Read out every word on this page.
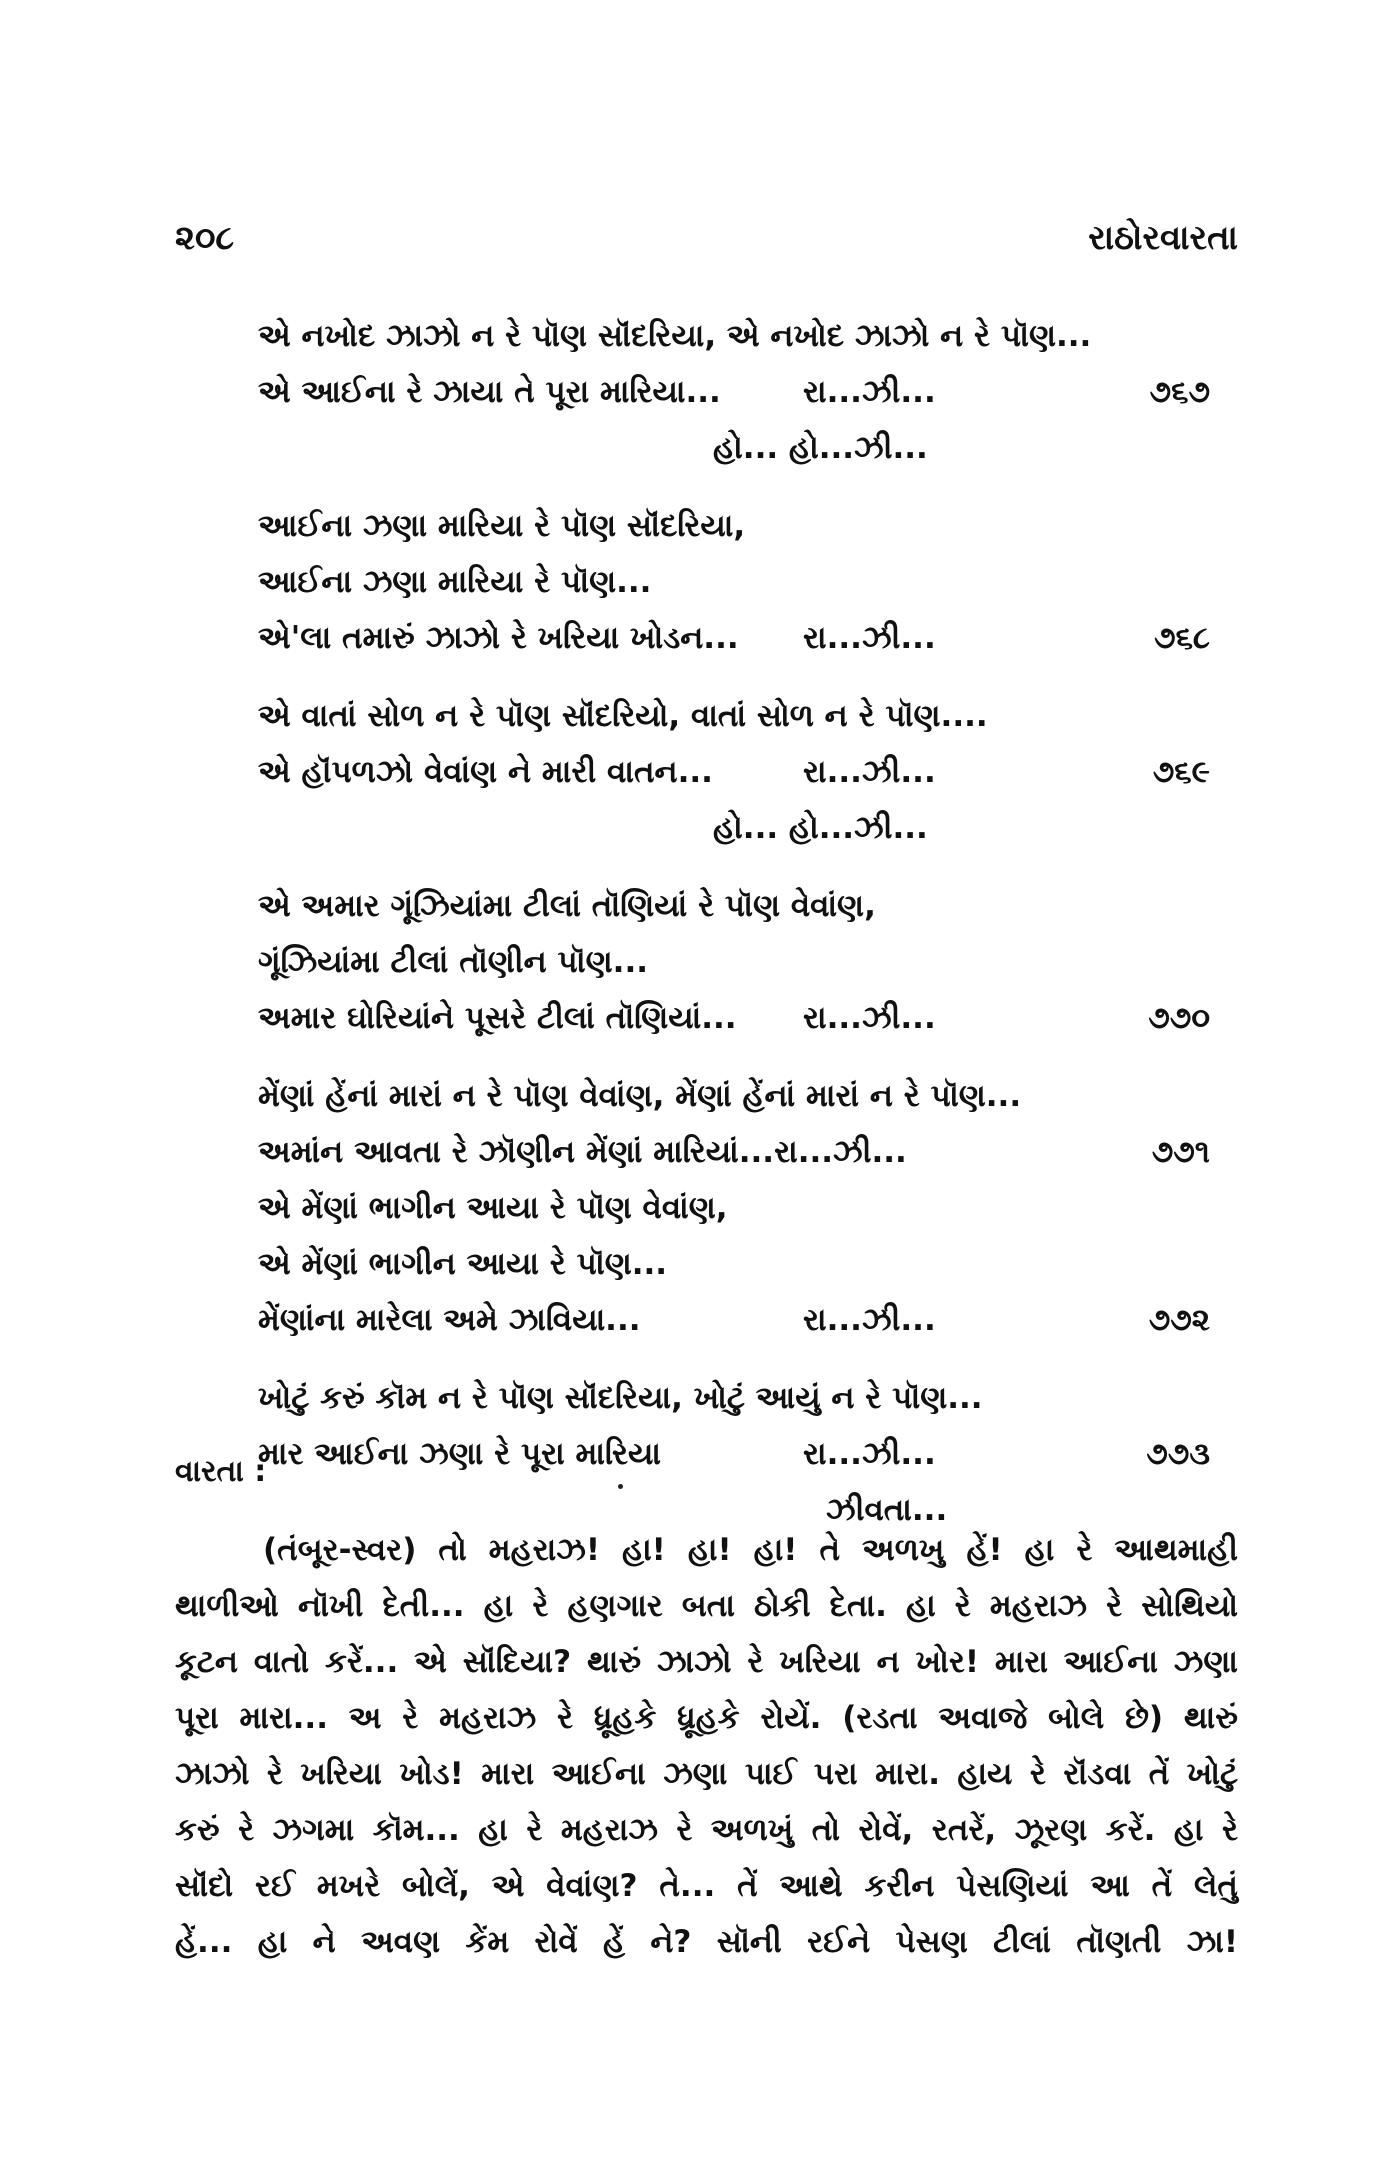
૨૦૮	રાઠોરવારતા
એ નખોદ ઝાઝો ન રે પૉણ સૉંદરિયા, એ નખોદ ઝાઝો ન રે પૉણ...
એ આઈના રે ઝાયા તે પૂરા મારિયા...	રા...ઝી...	૭૬૭
હો... હો...ઝી...
આઈના ઝણા મારિયા રે પૉણ સૉંદરિયા,
આઈના ઝણા મારિયા રે પૉણ...
એ'લા તમારું ઝાઝો રે ખરિયા ખોડન... રા...ઝી...	૭૬૮
એ વાતાં સોળ ન રે પૉણ સૉંદરિયો, વાતાં સોળ ન રે પૉણ....
એ હૉંપળઝો વેવાંણ ને મારી વાતન...	રા...ઝી...	૭૬૯
હો... હો...ઝી...
એ અમાર ગૂંઝિયાંમા ટીલાં તૉણિયાં રે પૉણ વેવાંણ,
ગૂંઝિયાંમા ટીલાં તૉણીન પૉણ...
અમાર ઘોરિયાંને પૂસરે ટીલાં તૉણિયાં... રા...ઝી...	૭૭૦
મેંણાં હેંનાં મારાં ન રે પૉણ વેવાંણ, મેંણાં હેંનાં મારાં ન રે પૉણ...
અમાંન આવતા રે ઝૉણીન મેંણાં મારિયાં...રા...ઝી...	૭૭૧
એ મેંણાં ભાગીન આયા રે પૉણ વેવાંણ,
એ મેંણાં ભાગીન આયા રે પૉણ...
મેંણાંના મારેલા અમે ઝાવિયા...	રા...ઝી...	૭૭૨
ખોટું કરું કૉમ ન રે પૉણ સૉંદરિયા, ખોટું આયું ન રે પૉણ...
માર આઈના ઝણા રે પૂરા મારિયા	રા...ઝી...	૭૭૩
ઝીવતા...
વારતા :
(તંબૂર-સ્વર) તો મહરાઝ! હા! હા! હા! તે અળખુ હેં! હા રે આથમાહી
થાળીઓ નૉખી દેતી... હા રે હણગાર બતા ઠોકી દેતા. હા રે મહરાઝ રે સોથિયો
કૂટન વાતો કરેં... એ સૉંદિયા? થારું ઝાઝો રે ખરિયા ન ખોર! મારા આઈના ઝણા
પૂરા મારા... અ રે મહરાઝ રે ધ્રૂહકે ધ્રૂહકે રોયેં. (રડતા અવાજે બોલે છે) થારું
ઝાઝો રે ખરિયા ખોડ! મારા આઈના ઝણા પાઈ પરા મારા. હાય રે રૉંડવા તેં ખોટું
કરું રે ઝગમા કૉમ... હા રે મહરાઝ રે અળખું તો રોવેં, રતરેં, ઝૂરણ કરેં. હા રે
સૉંદો રઈ મખરે બોલેં, એ વેવાંણ? તે... તેં આથે કરીન પેસણિયાં આ તેં લેતું
હેં... હા ને અવણ કેંમ રોવેં હેં ને? સૉની રઈને પેસણ ટીલાં તૉણતી ઝા!
